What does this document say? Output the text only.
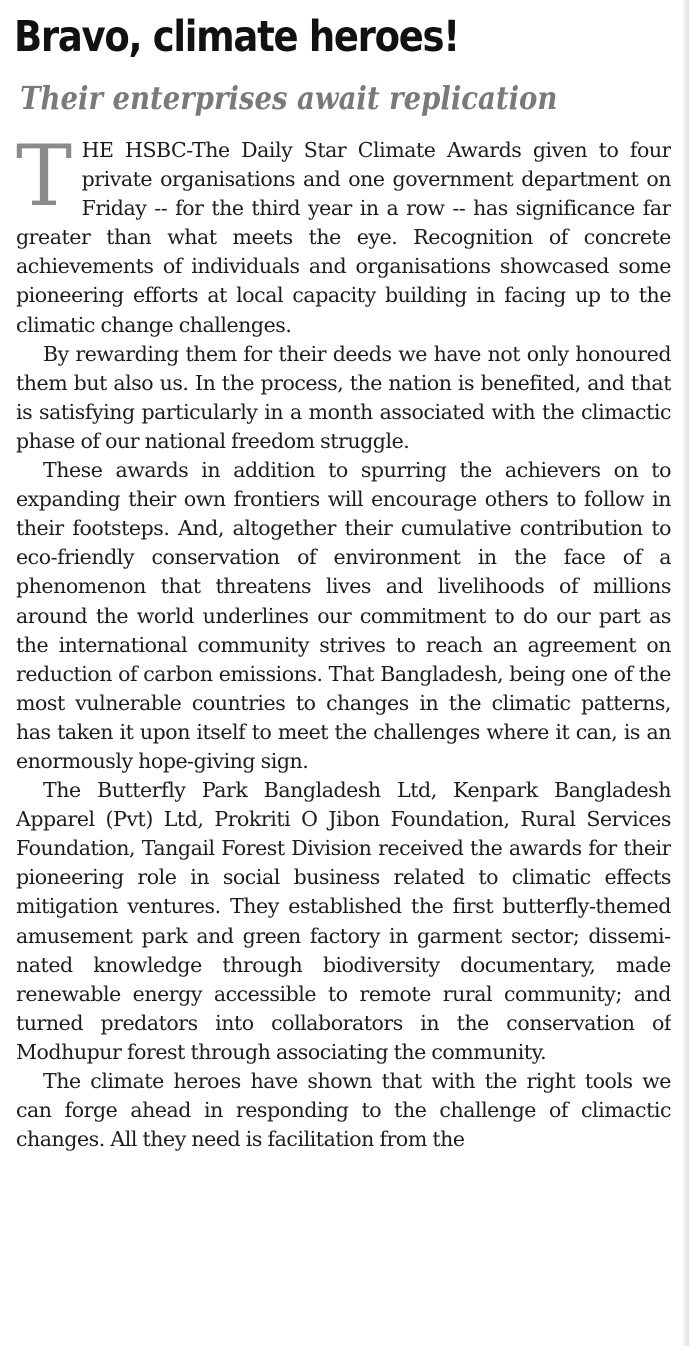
Bravo, climate heroes!
Their enterprises await replication

THE HSBC-The Daily Star Climate Awards given to four private organisations and one government department on Friday -- for the third year in a row -- has significance far greater than what meets the eye. Recognition of concrete achievements of individuals and organisations showcased some pioneering efforts at local capacity building in facing up to the climatic change challenges.

By rewarding them for their deeds we have not only honoured them but also us. In the process, the nation is benefited, and that is satisfying particularly in a month associated with the climactic phase of our national freedom struggle.

These awards in addition to spurring the achievers on to expanding their own frontiers will encourage others to follow in their footsteps. And, altogether their cumulative contribution to eco-friendly conservation of environment in the face of a phenomenon that threatens lives and livelihoods of millions around the world underlines our commitment to do our part as the international community strives to reach an agreement on reduction of carbon emissions. That Bangladesh, being one of the most vulnerable countries to changes in the climatic patterns, has taken it upon itself to meet the challenges where it can, is an enormously hope-giving sign.

The Butterfly Park Bangladesh Ltd, Kenpark Bangladesh Apparel (Pvt) Ltd, Prokriti O Jibon Foundation, Rural Services Foundation, Tangail Forest Division received the awards for their pioneering role in social business related to climatic effects mitigation ventures. They established the first butterfly-themed amusement park and green factory in garment sector; disseminated knowledge through biodiversity documentary, made renewable energy accessible to remote rural community; and turned predators into collaborators in the conservation of Modhupur forest through associating the community.

The climate heroes have shown that with the right tools we can forge ahead in responding to the challenge of climactic changes. All they need is facilitation from the
